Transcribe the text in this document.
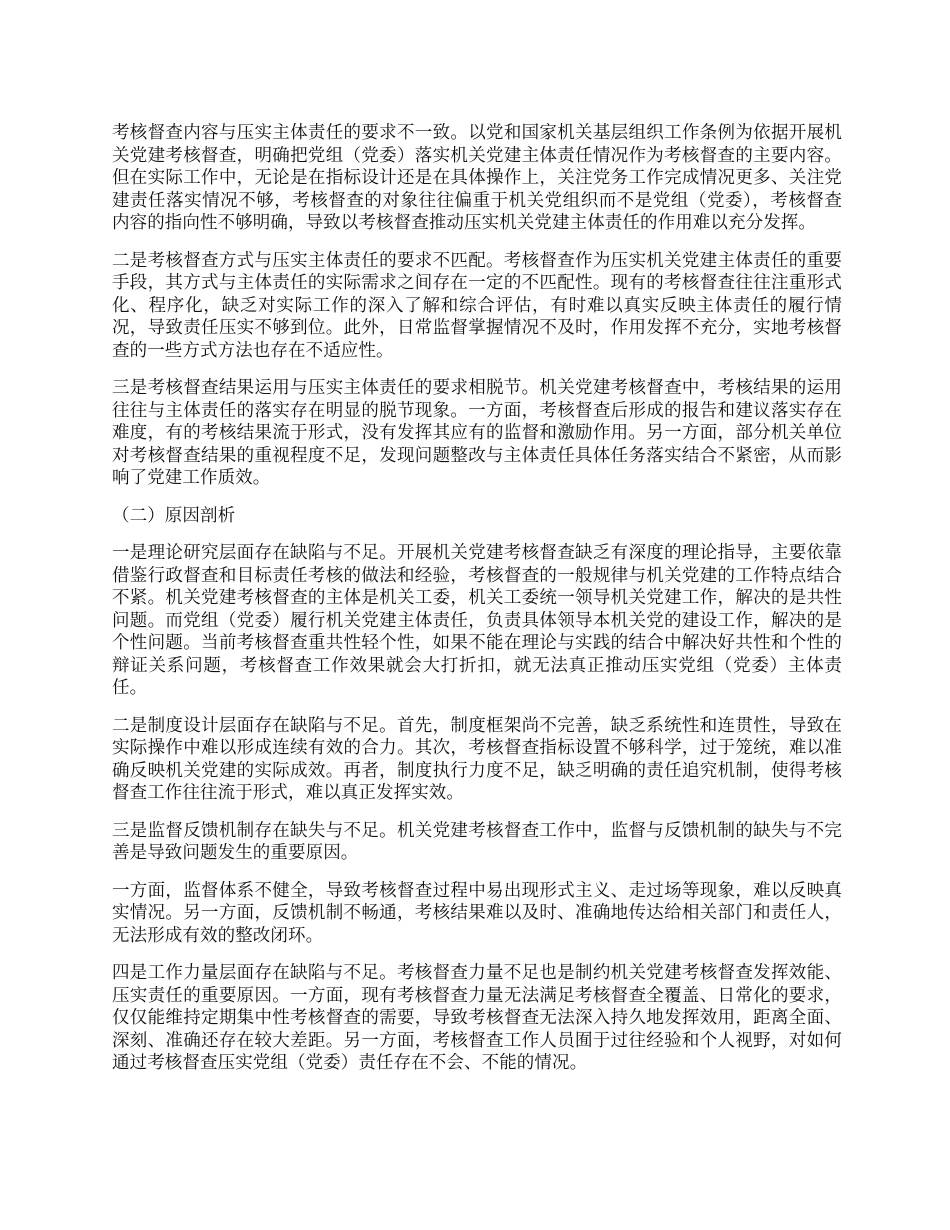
考核督查内容与压实主体责任的要求不一致。以党和国家机关基层组织工作条例为依据开展机关党建考核督查，明确把党组（党委）落实机关党建主体责任情况作为考核督查的主要内容。但在实际工作中，无论是在指标设计还是在具体操作上，关注党务工作完成情况更多、关注党建责任落实情况不够，考核督查的对象往往偏重于机关党组织而不是党组（党委），考核督查内容的指向性不够明确，导致以考核督查推动压实机关党建主体责任的作用难以充分发挥。

二是考核督查方式与压实主体责任的要求不匹配。考核督查作为压实机关党建主体责任的重要手段，其方式与主体责任的实际需求之间存在一定的不匹配性。现有的考核督查往往注重形式化、程序化，缺乏对实际工作的深入了解和综合评估，有时难以真实反映主体责任的履行情况，导致责任压实不够到位。此外，日常监督掌握情况不及时，作用发挥不充分，实地考核督查的一些方式方法也存在不适应性。

三是考核督查结果运用与压实主体责任的要求相脱节。机关党建考核督查中，考核结果的运用往往与主体责任的落实存在明显的脱节现象。一方面，考核督查后形成的报告和建议落实存在难度，有的考核结果流于形式，没有发挥其应有的监督和激励作用。另一方面，部分机关单位对考核督查结果的重视程度不足，发现问题整改与主体责任具体任务落实结合不紧密，从而影响了党建工作质效。

（二）原因剖析

一是理论研究层面存在缺陷与不足。开展机关党建考核督查缺乏有深度的理论指导，主要依靠借鉴行政督查和目标责任考核的做法和经验，考核督查的一般规律与机关党建的工作特点结合不紧。机关党建考核督查的主体是机关工委，机关工委统一领导机关党建工作，解决的是共性问题。而党组（党委）履行机关党建主体责任，负责具体领导本机关党的建设工作，解决的是个性问题。当前考核督查重共性轻个性，如果不能在理论与实践的结合中解决好共性和个性的辩证关系问题，考核督查工作效果就会大打折扣，就无法真正推动压实党组（党委）主体责任。

二是制度设计层面存在缺陷与不足。首先，制度框架尚不完善，缺乏系统性和连贯性，导致在实际操作中难以形成连续有效的合力。其次，考核督查指标设置不够科学，过于笼统，难以准确反映机关党建的实际成效。再者，制度执行力度不足，缺乏明确的责任追究机制，使得考核督查工作往往流于形式，难以真正发挥实效。

三是监督反馈机制存在缺失与不足。机关党建考核督查工作中，监督与反馈机制的缺失与不完善是导致问题发生的重要原因。

一方面，监督体系不健全，导致考核督查过程中易出现形式主义、走过场等现象，难以反映真实情况。另一方面，反馈机制不畅通，考核结果难以及时、准确地传达给相关部门和责任人，无法形成有效的整改闭环。

四是工作力量层面存在缺陷与不足。考核督查力量不足也是制约机关党建考核督查发挥效能、压实责任的重要原因。一方面，现有考核督查力量无法满足考核督查全覆盖、日常化的要求，仅仅能维持定期集中性考核督查的需要，导致考核督查无法深入持久地发挥效用，距离全面、深刻、准确还存在较大差距。另一方面，考核督查工作人员囿于过往经验和个人视野，对如何通过考核督查压实党组（党委）责任存在不会、不能的情况。
